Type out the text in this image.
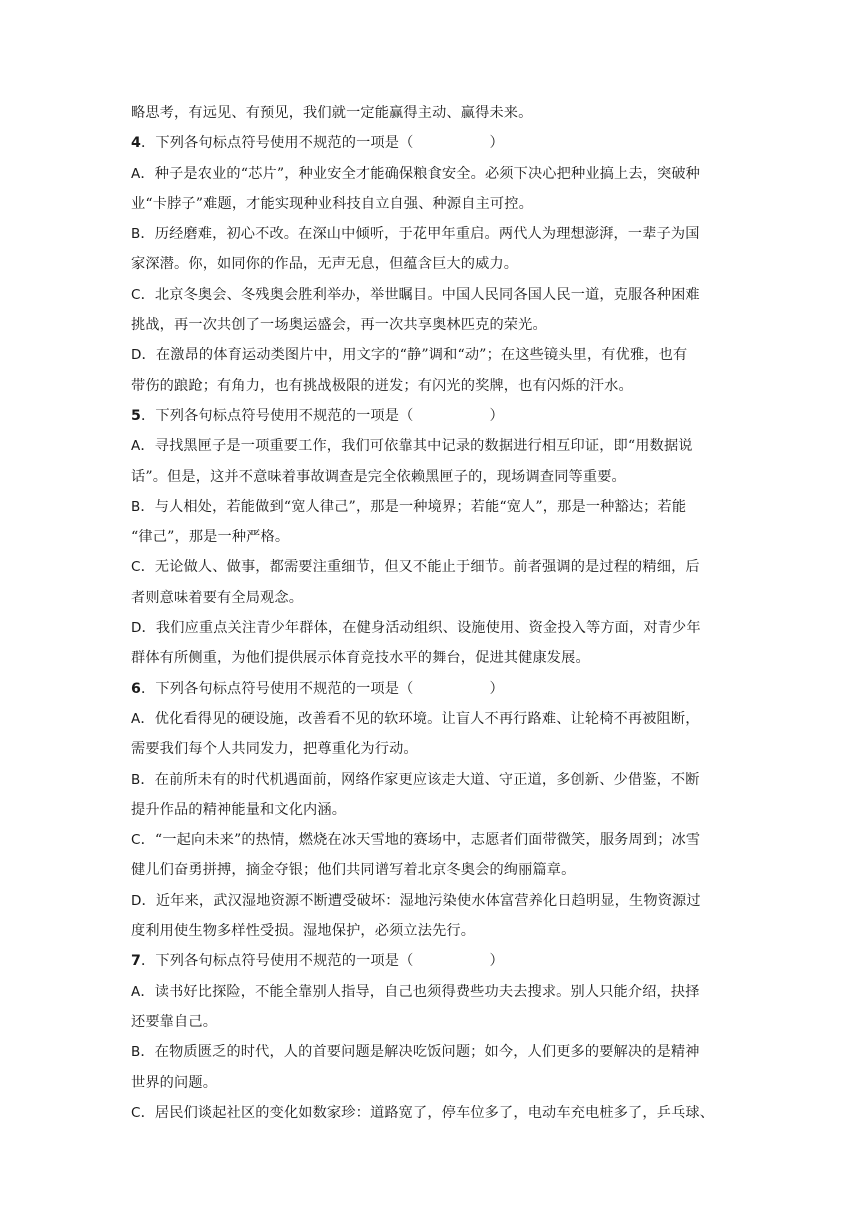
略思考，有远见、有预见，我们就一定能赢得主动、赢得未来。
4．下列各句标点符号使用不规范的一项是（	）
A．种子是农业的“芯片”，种业安全才能确保粮食安全。必须下决心把种业搞上去，突破种
业“卡脖子”难题，才能实现种业科技自立自强、种源自主可控。
B．历经磨难，初心不改。在深山中倾听，于花甲年重启。两代人为理想澎湃，一辈子为国
家深潜。你，如同你的作品，无声无息，但蕴含巨大的威力。
C．北京冬奥会、冬残奥会胜利举办，举世瞩目。中国人民同各国人民一道，克服各种困难
挑战，再一次共创了一场奥运盛会，再一次共享奥林匹克的荣光。
D．在激昂的体育运动类图片中，用文字的“静”调和“动”；在这些镜头里，有优雅，也有
带伤的踉跄；有角力，也有挑战极限的迸发；有闪光的奖牌，也有闪烁的汗水。
5．下列各句标点符号使用不规范的一项是（	）
A．寻找黑匣子是一项重要工作，我们可依靠其中记录的数据进行相互印证，即“用数据说
话”。但是，这并不意味着事故调查是完全依赖黑匣子的，现场调查同等重要。
B．与人相处，若能做到“宽人律己”，那是一种境界；若能“宽人”，那是一种豁达；若能
“律己”，那是一种严格。
C．无论做人、做事，都需要注重细节，但又不能止于细节。前者强调的是过程的精细，后
者则意味着要有全局观念。
D．我们应重点关注青少年群体，在健身活动组织、设施使用、资金投入等方面，对青少年
群体有所侧重，为他们提供展示体育竞技水平的舞台，促进其健康发展。
6．下列各句标点符号使用不规范的一项是（	）
A．优化看得见的硬设施，改善看不见的软环境。让盲人不再行路难、让轮椅不再被阻断，
需要我们每个人共同发力，把尊重化为行动。
B．在前所未有的时代机遇面前，网络作家更应该走大道、守正道，多创新、少借鉴，不断
提升作品的精神能量和文化内涵。
C．“一起向未来”的热情，燃烧在冰天雪地的赛场中，志愿者们面带微笑，服务周到；冰雪
健儿们奋勇拼搏，摘金夺银；他们共同谱写着北京冬奥会的绚丽篇章。
D．近年来，武汉湿地资源不断遭受破坏：湿地污染使水体富营养化日趋明显，生物资源过
度利用使生物多样性受损。湿地保护，必须立法先行。
7．下列各句标点符号使用不规范的一项是（	）
A．读书好比探险，不能全靠别人指导，自己也须得费些功夫去搜求。别人只能介绍，抉择
还要靠自己。
B．在物质匮乏的时代，人的首要问题是解决吃饭问题；如今，人们更多的要解决的是精神
世界的问题。
C．居民们谈起社区的变化如数家珍：道路宽了，停车位多了，电动车充电桩多了，乒乓球、
